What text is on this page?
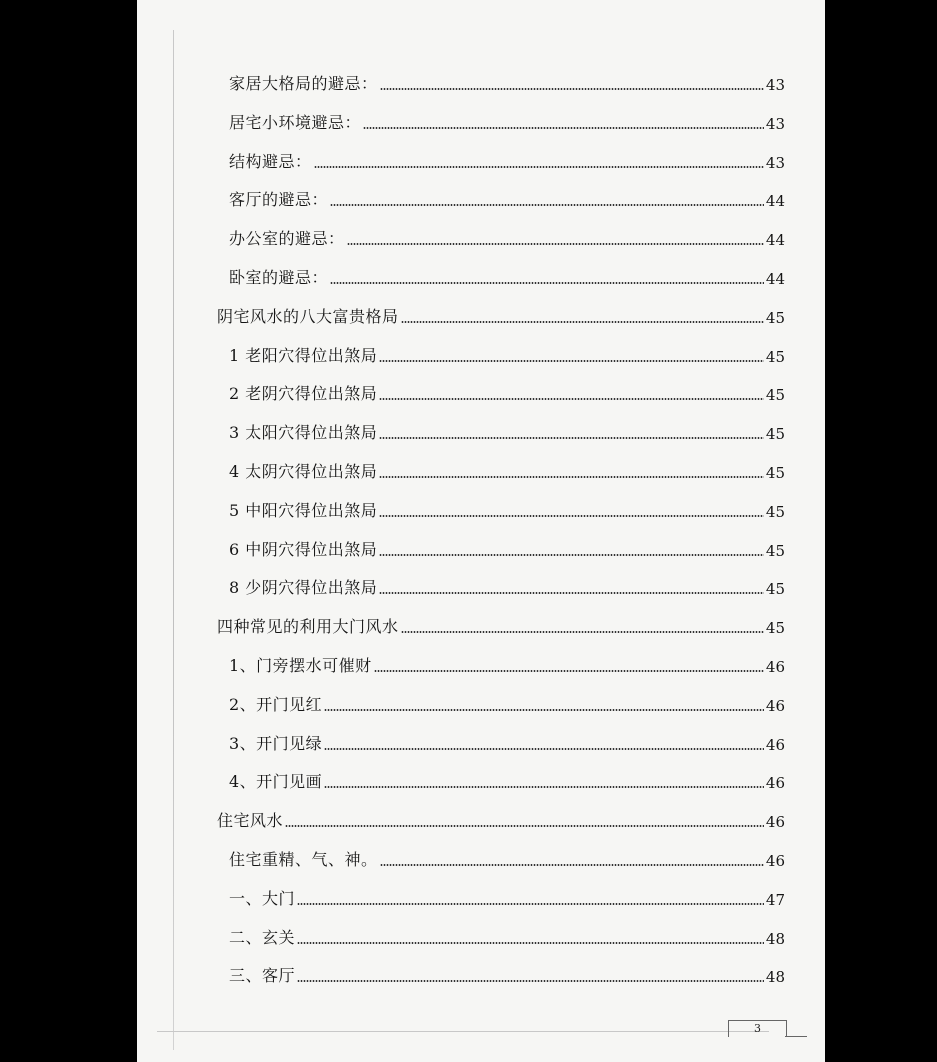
家居大格局的避忌：	43
居宅小环境避忌：	43
结构避忌：	43
客厅的避忌：	44
办公室的避忌：	44
卧室的避忌：	44
阴宅风水的八大富贵格局	45
1 老阳穴得位出煞局	45
2 老阴穴得位出煞局	45
3 太阳穴得位出煞局	45
4 太阴穴得位出煞局	45
5 中阳穴得位出煞局	45
6 中阴穴得位出煞局	45
8 少阴穴得位出煞局	45
四种常见的利用大门风水	45
1、门旁摆水可催财	46
2、开门见红	46
3、开门见绿	46
4、开门见画	46
住宅风水	46
住宅重精、气、神。	46
一、大门	47
二、玄关	48
三、客厅	48
3
